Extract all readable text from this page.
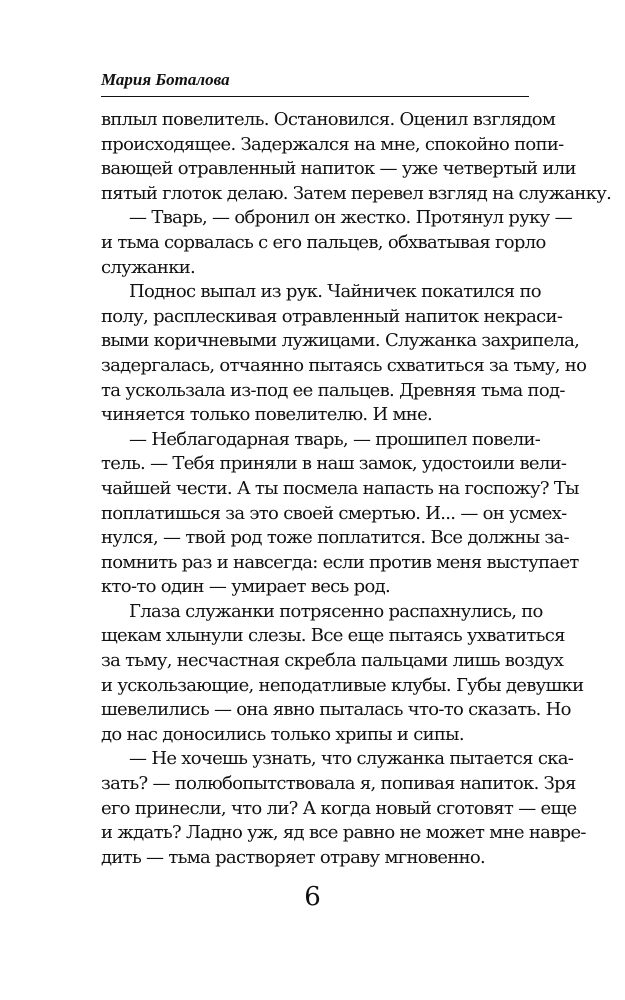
Мария Боталова
вплыл повелитель. Остановился. Оценил взглядом
происходящее. Задержался на мне, спокойно попи-
вающей отравленный напиток — уже четвертый или
пятый глоток делаю. Затем перевел взгляд на служанку.
— Тварь, — обронил он жестко. Протянул руку —
и тьма сорвалась с его пальцев, обхватывая горло
служанки.
Поднос выпал из рук. Чайничек покатился по
полу, расплескивая отравленный напиток некраси-
выми коричневыми лужицами. Служанка захрипела,
задергалась, отчаянно пытаясь схватиться за тьму, но
та ускользала из-под ее пальцев. Древняя тьма под-
чиняется только повелителю. И мне.
— Неблагодарная тварь, — прошипел повели-
тель. — Тебя приняли в наш замок, удостоили вели-
чайшей чести. А ты посмела напасть на госпожу? Ты
поплатишься за это своей смертью. И... — он усмех-
нулся, — твой род тоже поплатится. Все должны за-
помнить раз и навсегда: если против меня выступает
кто-то один — умирает весь род.
Глаза служанки потрясенно распахнулись, по
щекам хлынули слезы. Все еще пытаясь ухватиться
за тьму, несчастная скребла пальцами лишь воздух
и ускользающие, неподатливые клубы. Губы девушки
шевелились — она явно пыталась что-то сказать. Но
до нас доносились только хрипы и сипы.
— Не хочешь узнать, что служанка пытается ска-
зать? — полюбопытствовала я, попивая напиток. Зря
его принесли, что ли? А когда новый сготовят — еще
и ждать? Ладно уж, яд все равно не может мне навре-
дить — тьма растворяет отраву мгновенно.
6
